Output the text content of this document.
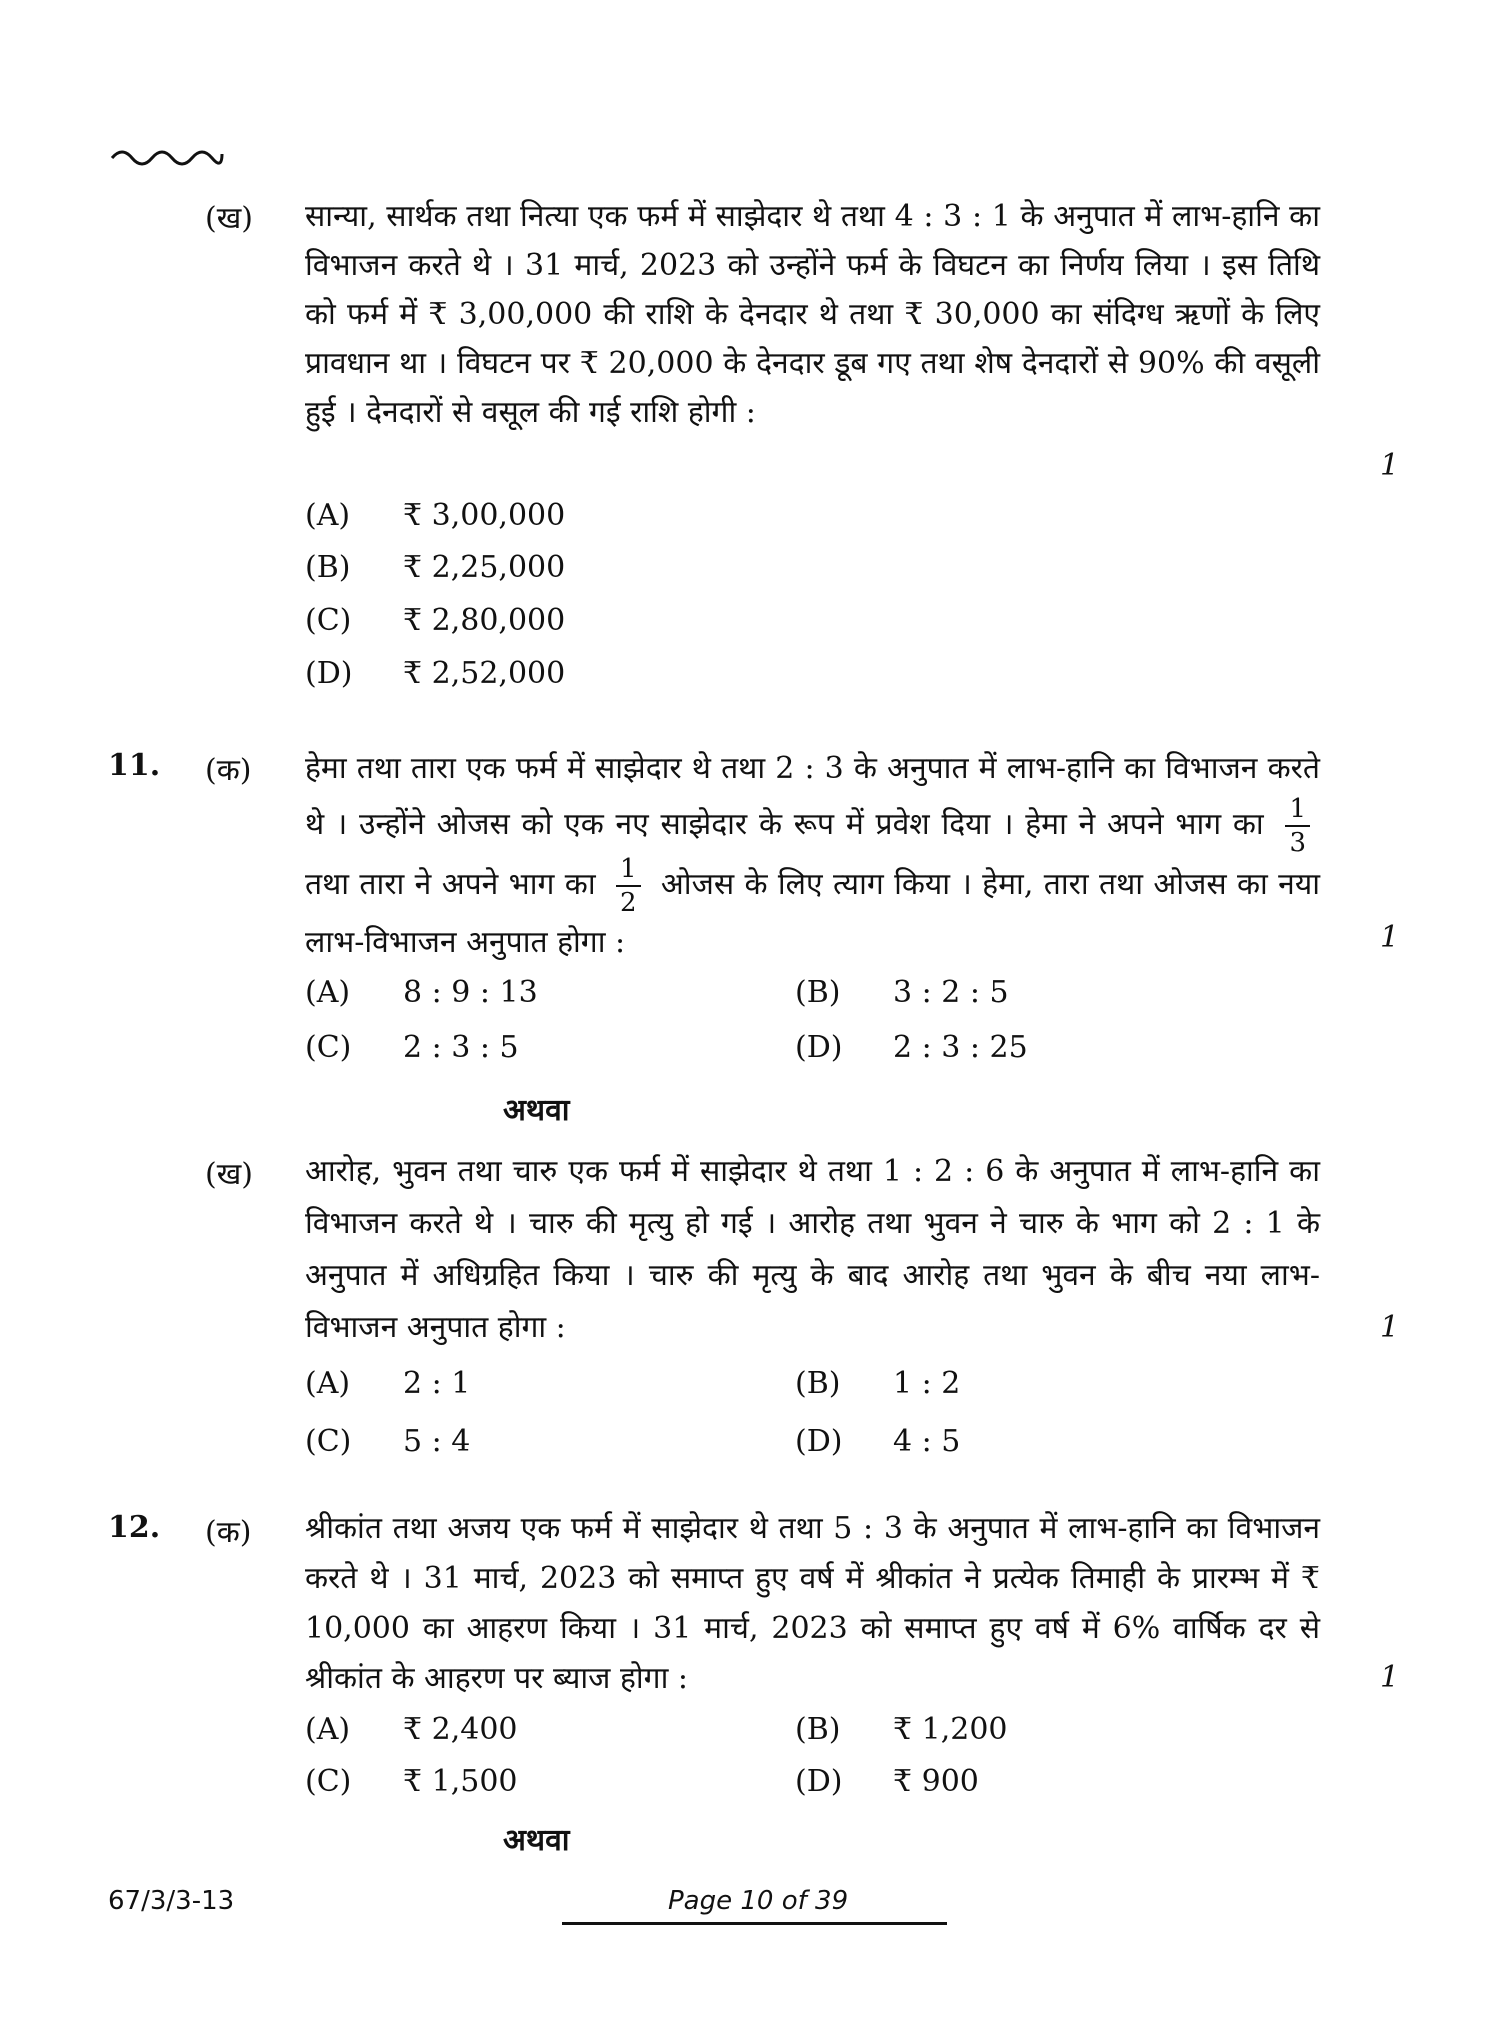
(ख) सान्या, सार्थक तथा नित्या एक फर्म में साझेदार थे तथा 4 : 3 : 1 के अनुपात में लाभ-हानि का विभाजन करते थे । 31 मार्च, 2023 को उन्होंने फर्म के विघटन का निर्णय लिया । इस तिथि को फर्म में ₹ 3,00,000 की राशि के देनदार थे तथा ₹ 30,000 का संदिग्ध ऋणों के लिए प्रावधान था । विघटन पर ₹ 20,000 के देनदार डूब गए तथा शेष देनदारों से 90% की वसूली हुई । देनदारों से वसूल की गई राशि होगी :
1
(A) ₹ 3,00,000
(B) ₹ 2,25,000
(C) ₹ 2,80,000
(D) ₹ 2,52,000
11. (क) हेमा तथा तारा एक फर्म में साझेदार थे तथा 2 : 3 के अनुपात में लाभ-हानि का विभाजन करते थे । उन्होंने ओजस को एक नए साझेदार के रूप में प्रवेश दिया । हेमा ने अपने भाग का $\frac{1}{3}$
तथा तारा ने अपने भाग का $\frac{1}{2}$ ओजस के लिए त्याग किया । हेमा, तारा तथा ओजस का नया लाभ-विभाजन अनुपात होगा :	1
(A) 8 : 9 : 13	(B) 3 : 2 : 5
(C) 2 : 3 : 5	(D) 2 : 3 : 25
अथवा
(ख) आरोह, भुवन तथा चारु एक फर्म में साझेदार थे तथा 1 : 2 : 6 के अनुपात में लाभ-हानि का विभाजन करते थे । चारु की मृत्यु हो गई । आरोह तथा भुवन ने चारु के भाग को 2 : 1 के अनुपात में अधिग्रहित किया । चारु की मृत्यु के बाद आरोह तथा भुवन के बीच नया लाभ-विभाजन अनुपात होगा :	1
(A) 2 : 1	(B) 1 : 2
(C) 5 : 4	(D) 4 : 5
12. (क) श्रीकांत तथा अजय एक फर्म में साझेदार थे तथा 5 : 3 के अनुपात में लाभ-हानि का विभाजन करते थे । 31 मार्च, 2023 को समाप्त हुए वर्ष में श्रीकांत ने प्रत्येक तिमाही के प्रारम्भ में ₹ 10,000 का आहरण किया । 31 मार्च, 2023 को समाप्त हुए वर्ष में 6% वार्षिक दर से श्रीकांत के आहरण पर ब्याज होगा :	1
(A) ₹ 2,400	(B) ₹ 1,200
(C) ₹ 1,500	(D) ₹ 900
अथवा
67/3/3-13	Page 10 of 39
